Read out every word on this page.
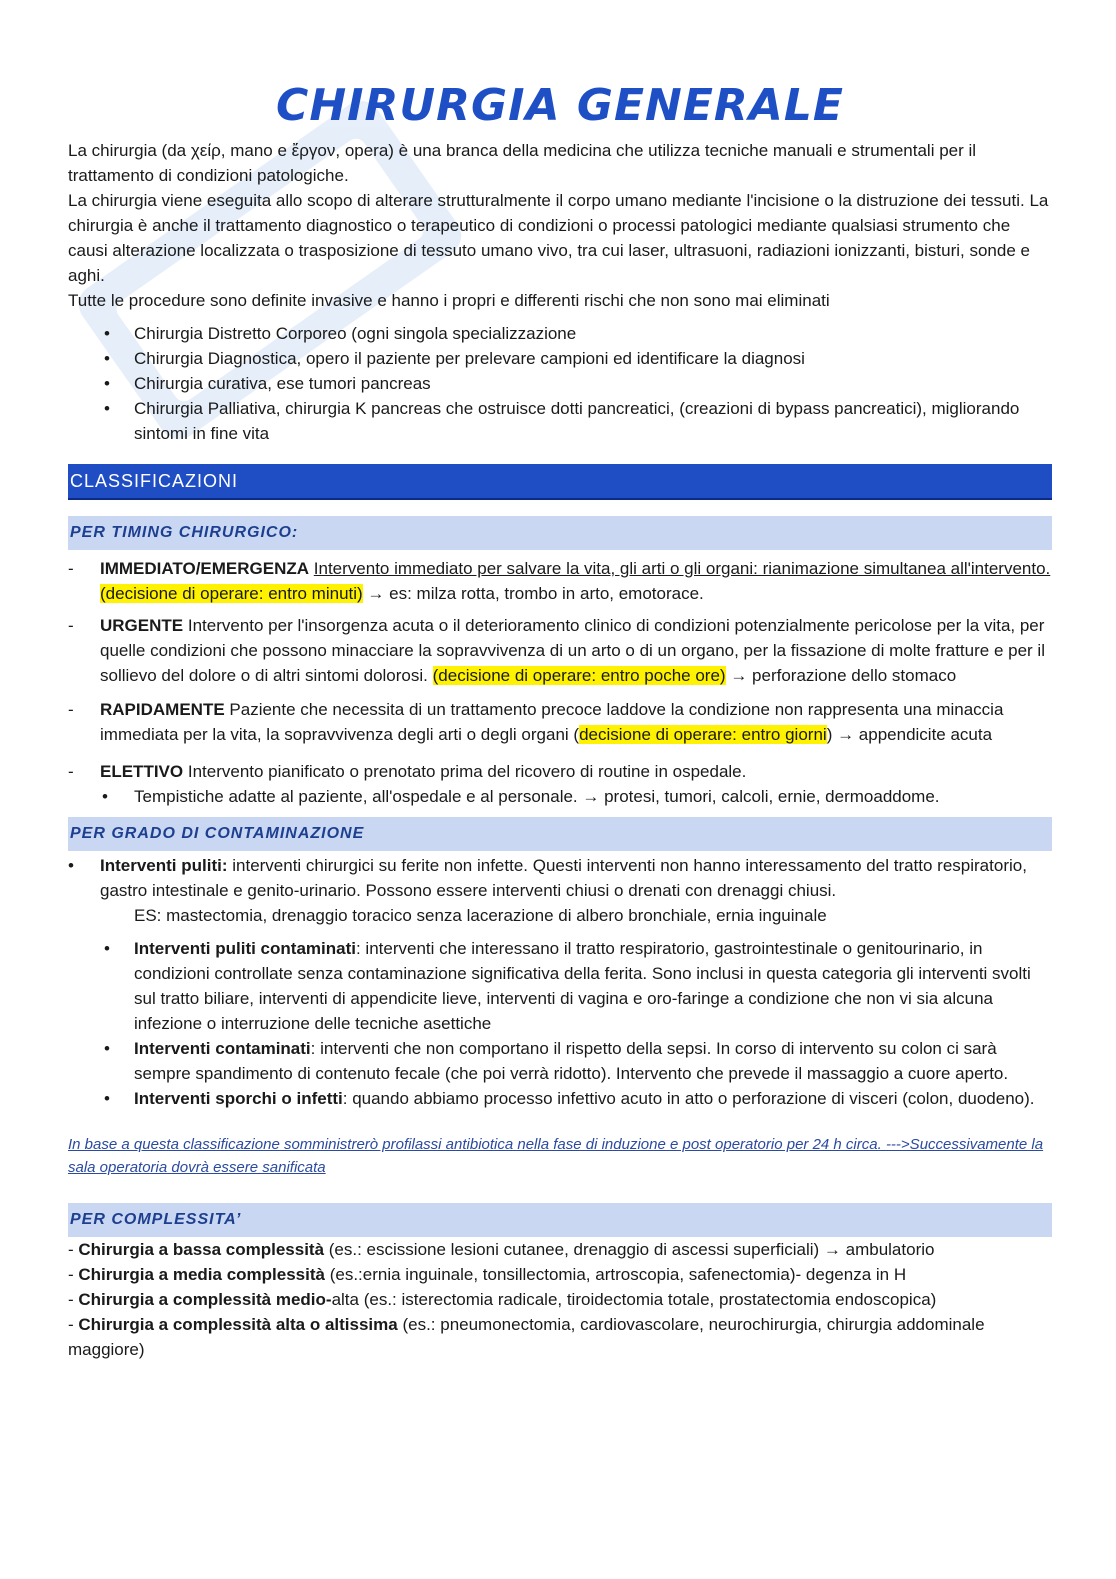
CHIRURGIA GENERALE

La chirurgia (da χείρ, mano e ἔργον, opera) è una branca della medicina che utilizza tecniche manuali e strumentali per il trattamento di condizioni patologiche.

La chirurgia viene eseguita allo scopo di alterare strutturalmente il corpo umano mediante l'incisione o la distruzione dei tessuti. La chirurgia è anche il trattamento diagnostico o terapeutico di condizioni o processi patologici mediante qualsiasi strumento che causi alterazione localizzata o trasposizione di tessuto umano vivo, tra cui laser, ultrasuoni, radiazioni ionizzanti, bisturi, sonde e aghi.

Tutte le procedure sono definite invasive e hanno i propri e differenti rischi che non sono mai eliminati

• Chirurgia Distretto Corporeo (ogni singola specializzazione
• Chirurgia Diagnostica, opero il paziente per prelevare campioni ed identificare la diagnosi
• Chirurgia curativa, ese tumori pancreas
• Chirurgia Palliativa, chirurgia K pancreas che ostruisce dotti pancreatici, (creazioni di bypass pancreatici), migliorando sintomi in fine vita
CLASSIFICAZIONI
PER TIMING CHIRURGICO:
- IMMEDIATO/EMERGENZA Intervento immediato per salvare la vita, gli arti o gli organi: rianimazione simultanea all'intervento. (decisione di operare: entro minuti) → es: milza rotta, trombo in arto, emotorace.
- URGENTE Intervento per l'insorgenza acuta o il deterioramento clinico di condizioni potenzialmente pericolose per la vita, per quelle condizioni che possono minacciare la sopravvivenza di un arto o di un organo, per la fissazione di molte fratture e per il sollievo del dolore o di altri sintomi dolorosi. (decisione di operare: entro poche ore) → perforazione dello stomaco
- RAPIDAMENTE Paziente che necessita di un trattamento precoce laddove la condizione non rappresenta una minaccia immediata per la vita, la sopravvivenza degli arti o degli organi (decisione di operare: entro giorni) → appendicite acuta
- ELETTIVO Intervento pianificato o prenotato prima del ricovero di routine in ospedale.
• Tempistiche adatte al paziente, all'ospedale e al personale. → protesi, tumori, calcoli, ernie, dermoaddome.
PER GRADO DI CONTAMINAZIONE
• Interventi puliti: interventi chirurgici su ferite non infette. Questi interventi non hanno interessamento del tratto respiratorio, gastro intestinale e genito-urinario. Possono essere interventi chiusi o drenati con drenaggi chiusi.
ES: mastectomia, drenaggio toracico senza lacerazione di albero bronchiale, ernia inguinale
• Interventi puliti contaminati: interventi che interessano il tratto respiratorio, gastrointestinale o genitourinario, in condizioni controllate senza contaminazione significativa della ferita. Sono inclusi in questa categoria gli interventi svolti sul tratto biliare, interventi di appendicite lieve, interventi di vagina e oro-faringe a condizione che non vi sia alcuna infezione o interruzione delle tecniche asettiche
• Interventi contaminati: interventi che non comportano il rispetto della sepsi. In corso di intervento su colon ci sarà sempre spandimento di contenuto fecale (che poi verrà ridotto). Intervento che prevede il massaggio a cuore aperto.
• Interventi sporchi o infetti: quando abbiamo processo infettivo acuto in atto o perforazione di visceri (colon, duodeno).
In base a questa classificazione somministrerò profilassi antibiotica nella fase di induzione e post operatorio per 24 h circa. --->Successivamente la sala operatoria dovrà essere sanificata
PER COMPLESSITA’
- Chirurgia a bassa complessità (es.: escissione lesioni cutanee, drenaggio di ascessi superficiali) → ambulatorio
- Chirurgia a media complessità (es.:ernia inguinale, tonsillectomia, artroscopia, safenectomia)- degenza in H
- Chirurgia a complessità medio-alta (es.: isterectomia radicale, tiroidectomia totale, prostatectomia endoscopica)
- Chirurgia a complessità alta o altissima (es.: pneumonectomia, cardiovascolare, neurochirurgia, chirurgia addominale maggiore)
